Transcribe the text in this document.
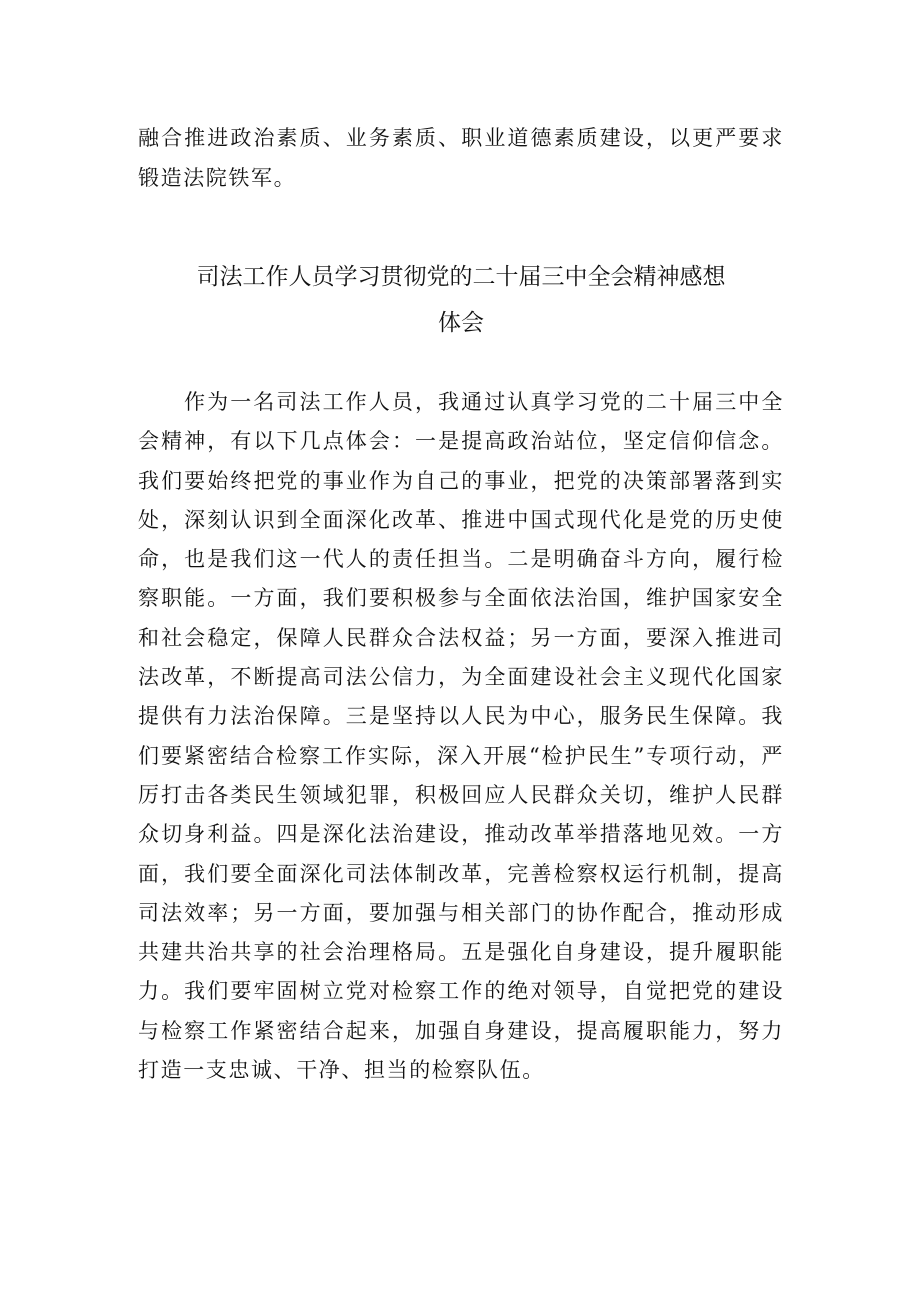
融合推进政治素质、业务素质、职业道德素质建设，以更严要求锻造法院铁军。

司法工作人员学习贯彻党的二十届三中全会精神感想
体会

作为一名司法工作人员，我通过认真学习党的二十届三中全会精神，有以下几点体会：一是提高政治站位，坚定信仰信念。我们要始终把党的事业作为自己的事业，把党的决策部署落到实处，深刻认识到全面深化改革、推进中国式现代化是党的历史使命，也是我们这一代人的责任担当。二是明确奋斗方向，履行检察职能。一方面，我们要积极参与全面依法治国，维护国家安全和社会稳定，保障人民群众合法权益；另一方面，要深入推进司法改革，不断提高司法公信力，为全面建设社会主义现代化国家提供有力法治保障。三是坚持以人民为中心，服务民生保障。我们要紧密结合检察工作实际，深入开展“检护民生”专项行动，严厉打击各类民生领域犯罪，积极回应人民群众关切，维护人民群众切身利益。四是深化法治建设，推动改革举措落地见效。一方面，我们要全面深化司法体制改革，完善检察权运行机制，提高司法效率；另一方面，要加强与相关部门的协作配合，推动形成共建共治共享的社会治理格局。五是强化自身建设，提升履职能力。我们要牢固树立党对检察工作的绝对领导，自觉把党的建设与检察工作紧密结合起来，加强自身建设，提高履职能力，努力打造一支忠诚、干净、担当的检察队伍。
